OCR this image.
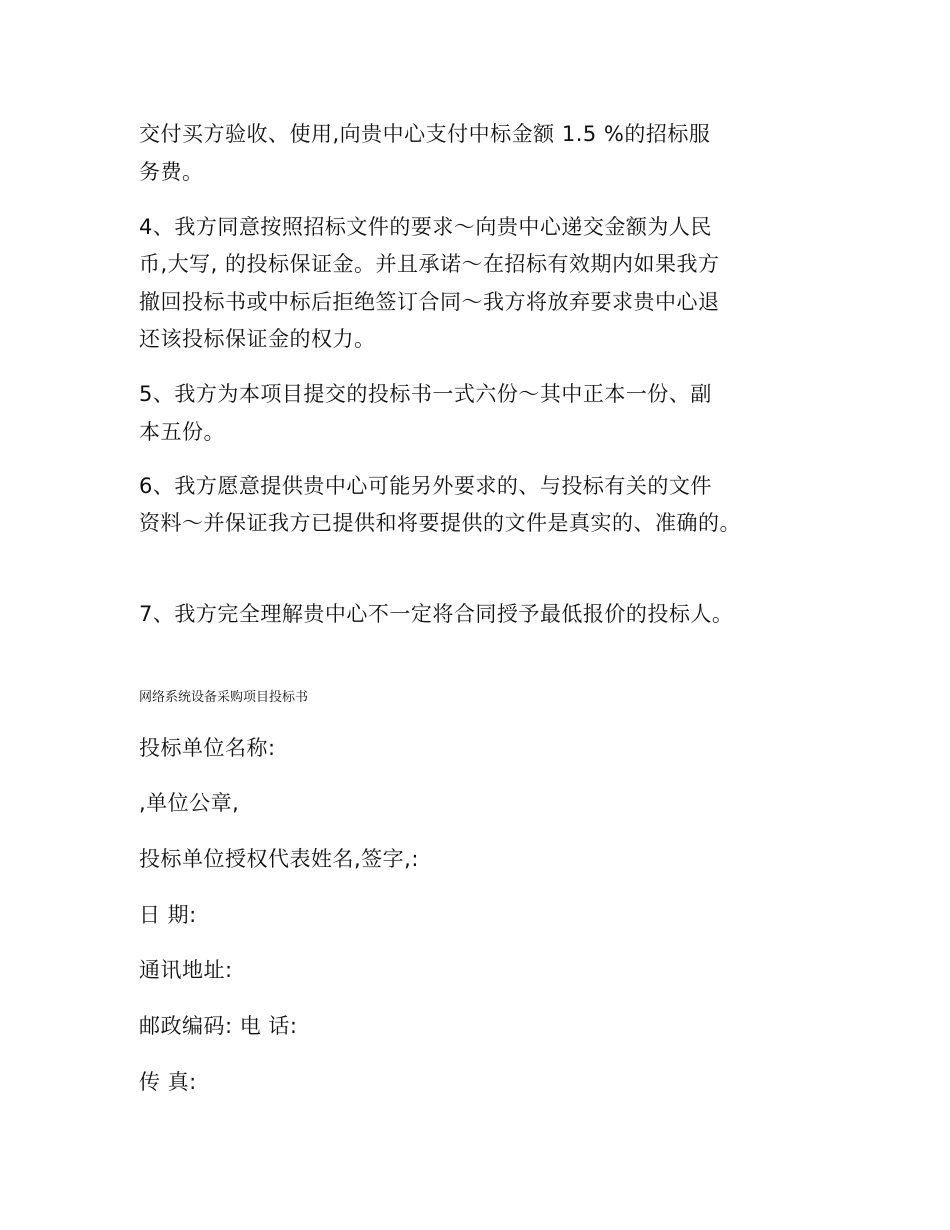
交付买方验收、使用,向贵中心支付中标金额 1.5 %的招标服
务费。
4、我方同意按照招标文件的要求～向贵中心递交金额为人民
币,大写, 的投标保证金。并且承诺～在招标有效期内如果我方
撤回投标书或中标后拒绝签订合同～我方将放弃要求贵中心退
还该投标保证金的权力。
5、我方为本项目提交的投标书一式六份～其中正本一份、副
本五份。
6、我方愿意提供贵中心可能另外要求的、与投标有关的文件
资料～并保证我方已提供和将要提供的文件是真实的、准确的。
7、我方完全理解贵中心不一定将合同授予最低报价的投标人。
网络系统设备采购项目投标书
投标单位名称:
,单位公章,
投标单位授权代表姓名,签字,:
日 期:
通讯地址:
邮政编码: 电 话:
传 真:
